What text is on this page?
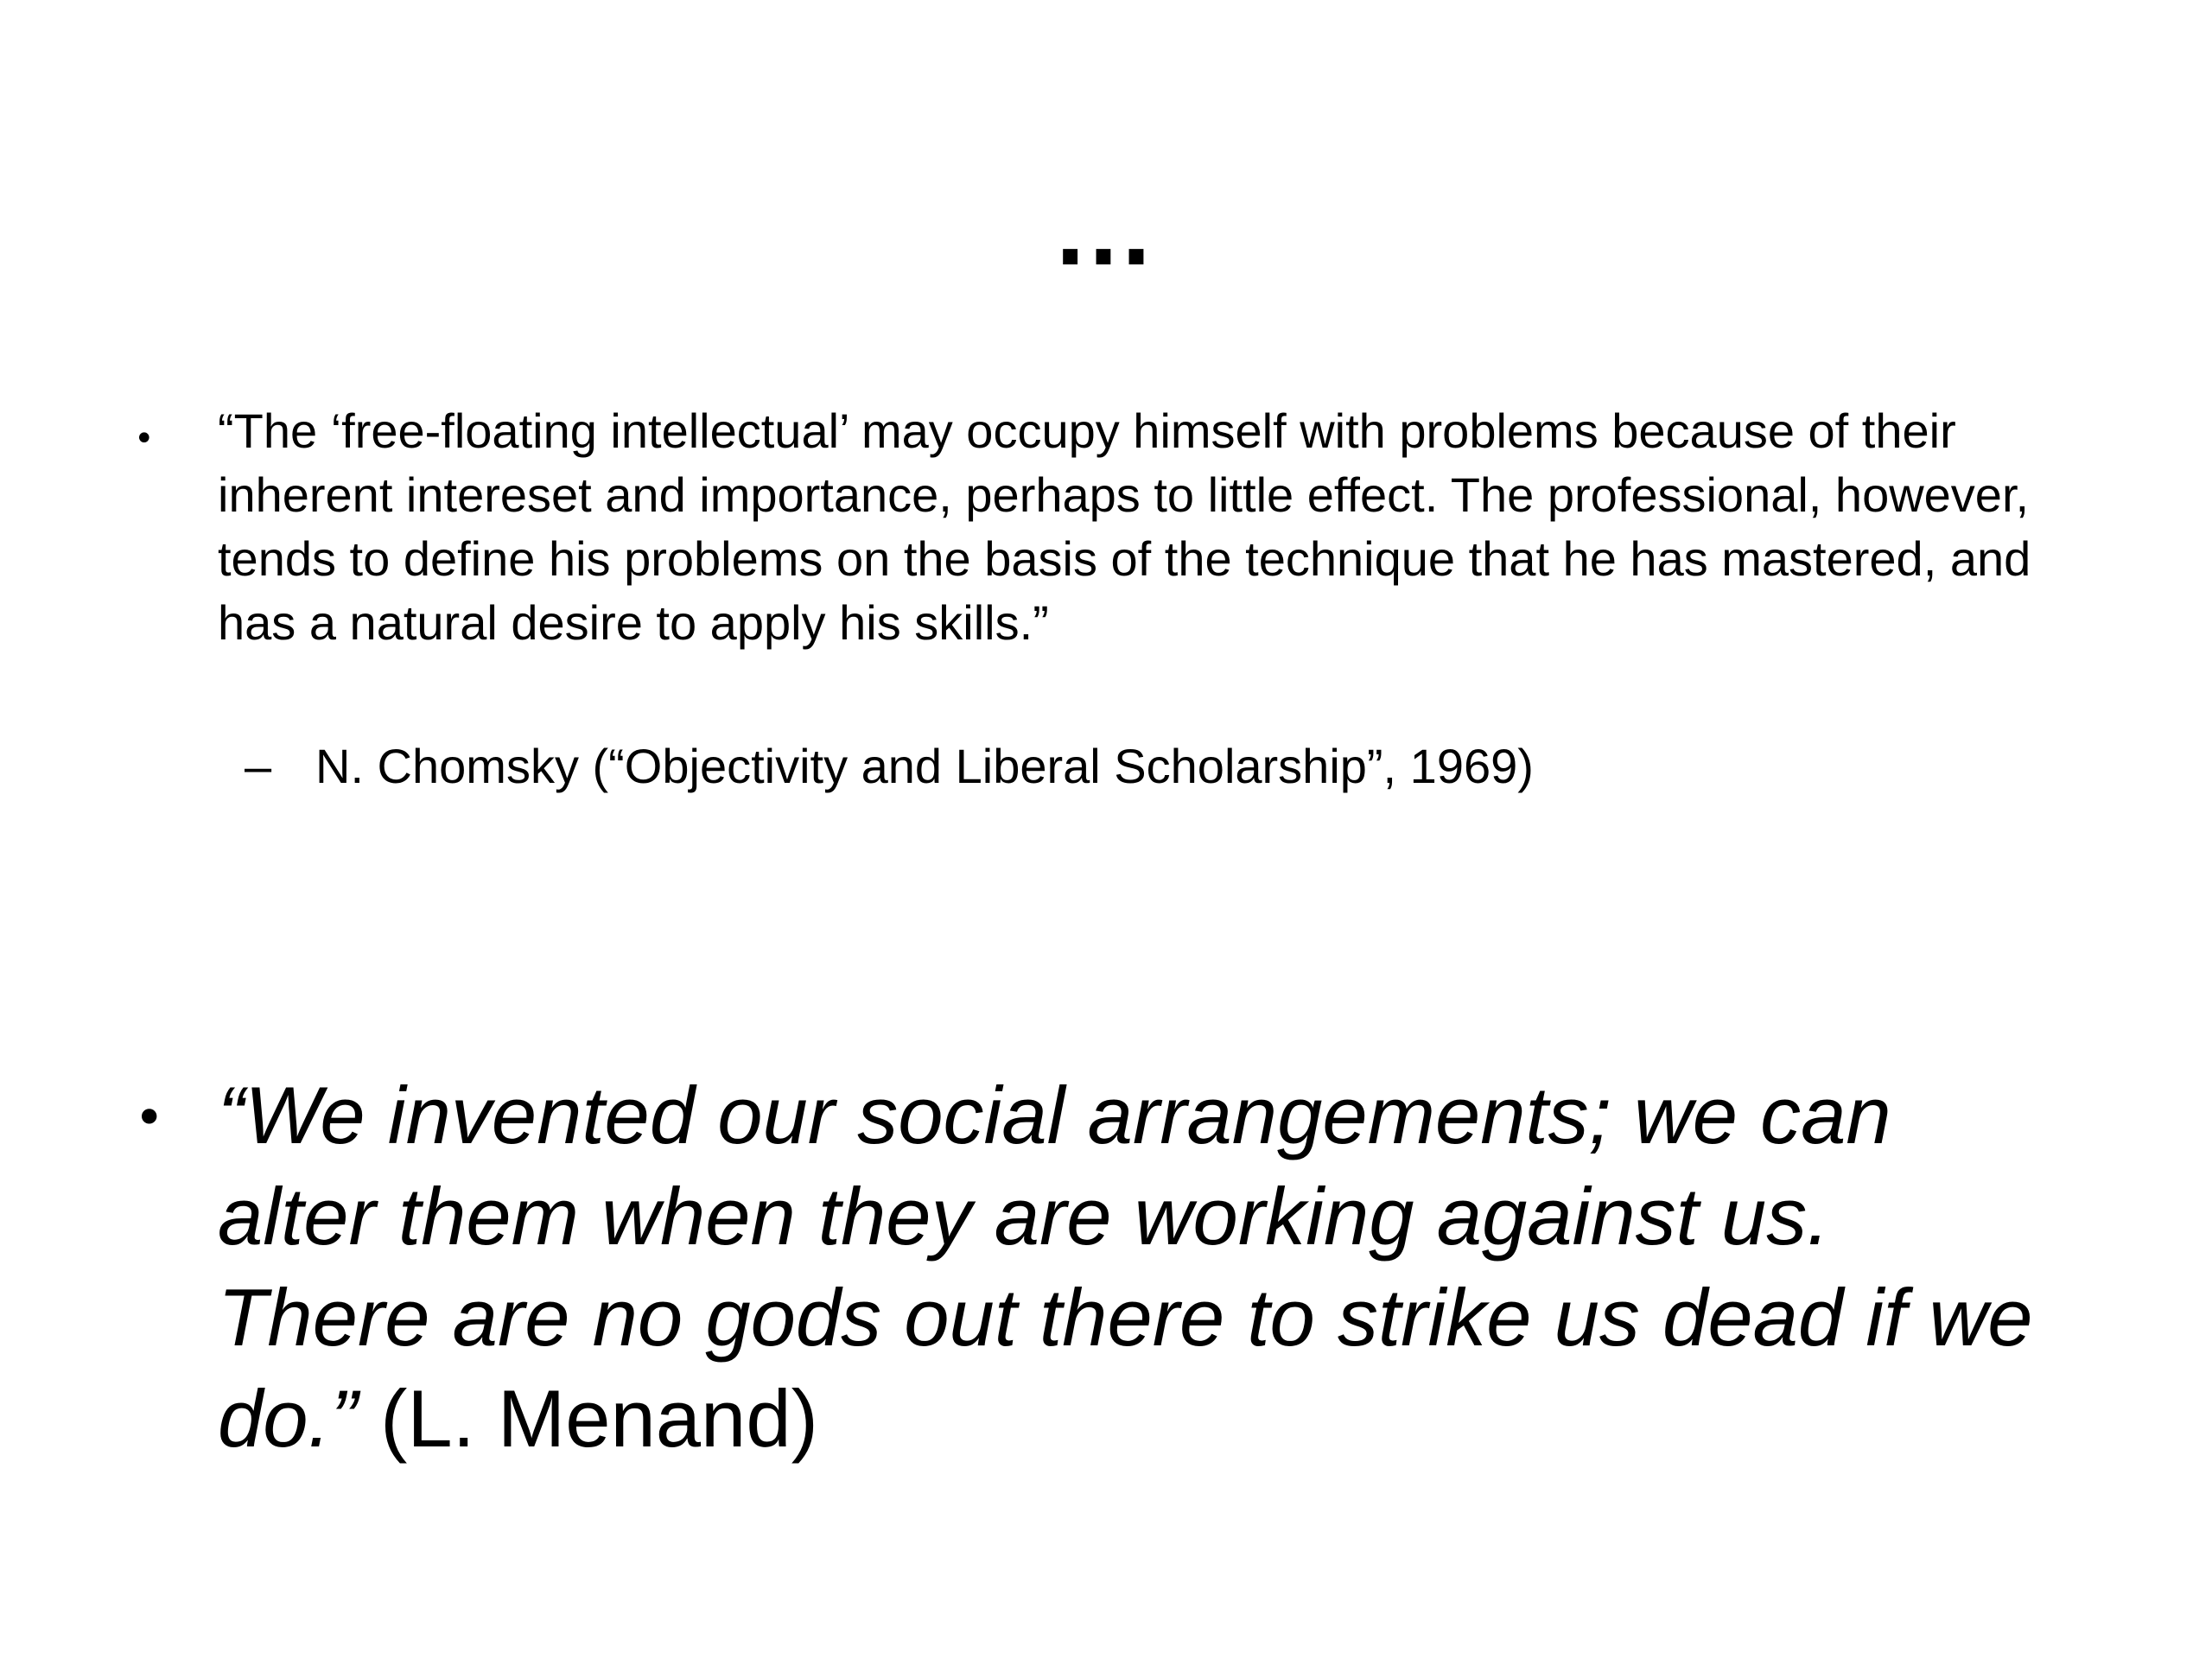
…
• “The ‘free-floating intellectual’ may occupy himself with problems because of their inherent intereset and importance, perhaps to little effect. The professional, however, tends to define his problems on the basis of the technique that he has mastered, and has a natural desire to apply his skills.”
– N. Chomsky (“Objectivity and Liberal Scholarship”, 1969)
• “We invented our social arrangements; we can alter them when they are working against us. There are no gods out there to strike us dead if we do.” (L. Menand)
